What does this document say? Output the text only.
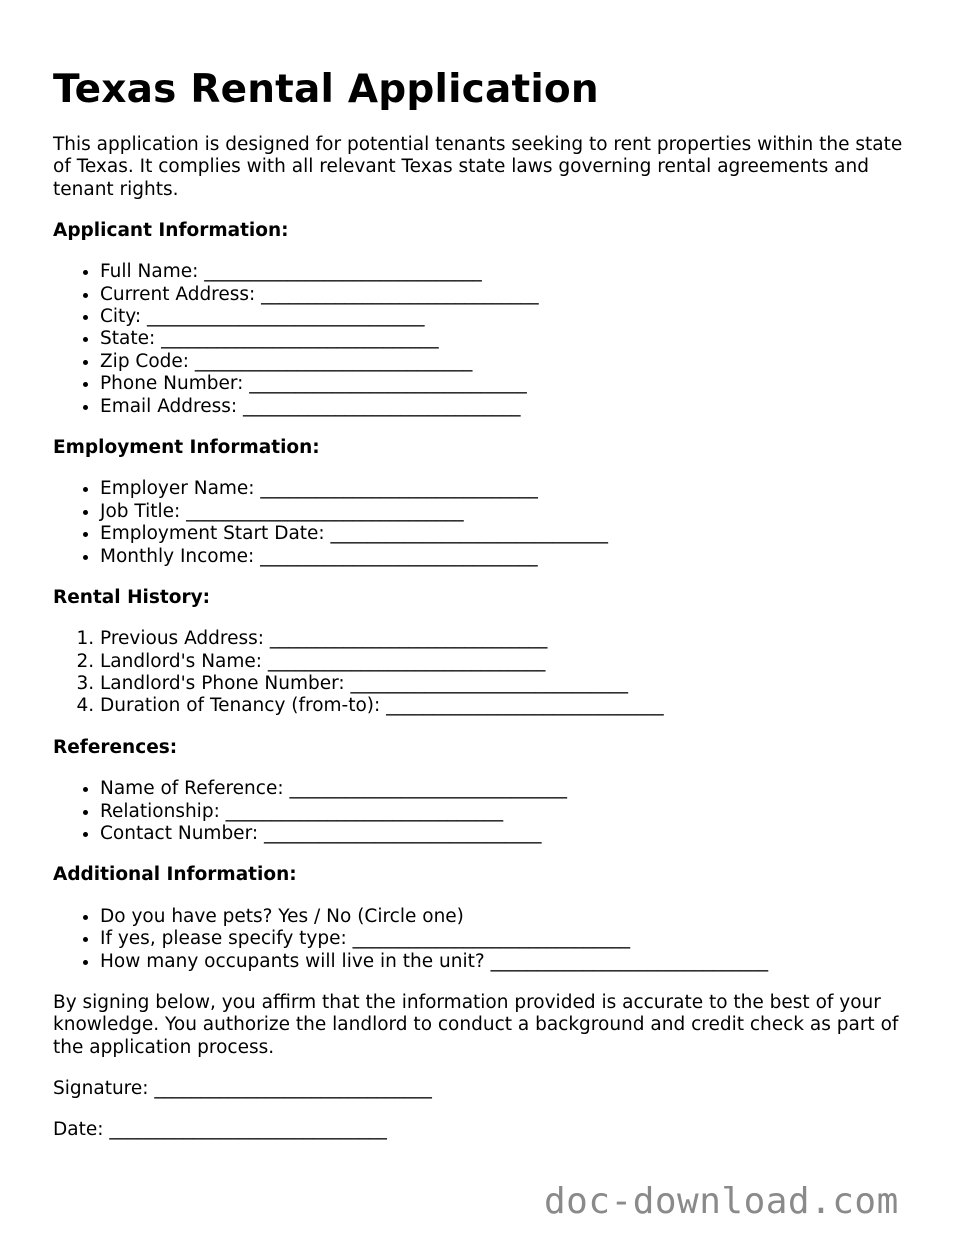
Texas Rental Application

This application is designed for potential tenants seeking to rent properties within the state of Texas. It complies with all relevant Texas state laws governing rental agreements and tenant rights.

Applicant Information:
• Full Name: ______________________________
• Current Address: ______________________________
• City: ______________________________
• State: ______________________________
• Zip Code: ______________________________
• Phone Number: ______________________________
• Email Address: ______________________________
Employment Information:
• Employer Name: ______________________________
• Job Title: ______________________________
• Employment Start Date: ______________________________
• Monthly Income: ______________________________
Rental History:
1. Previous Address: ______________________________
2. Landlord's Name: ______________________________
3. Landlord's Phone Number: ______________________________
4. Duration of Tenancy (from-to): ______________________________
References:
• Name of Reference: ______________________________
• Relationship: ______________________________
• Contact Number: ______________________________
Additional Information:
• Do you have pets? Yes / No (Circle one)
• If yes, please specify type: ______________________________
• How many occupants will live in the unit? ______________________________

By signing below, you affirm that the information provided is accurate to the best of your knowledge. You authorize the landlord to conduct a background and credit check as part of the application process.

Signature: ______________________________
Date: ______________________________
doc-download.com
